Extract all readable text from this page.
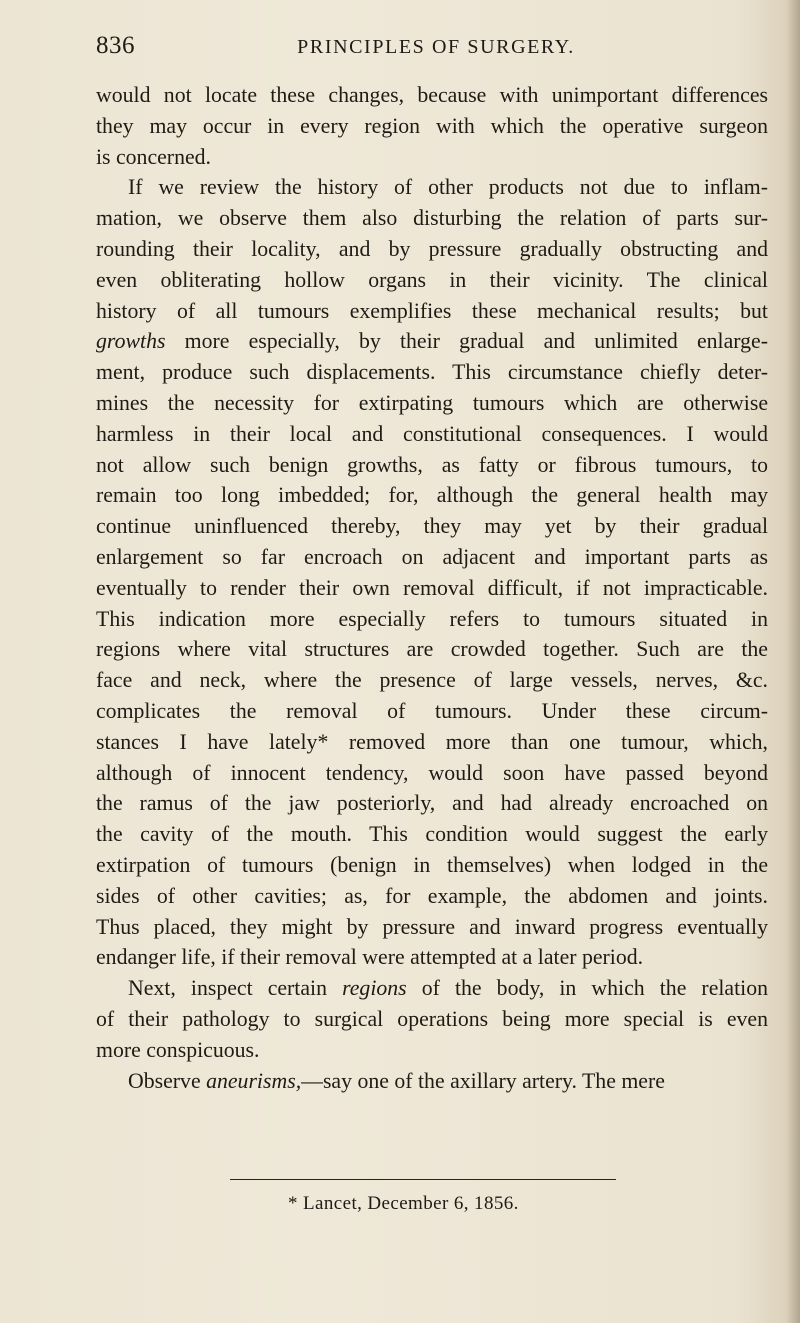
836	PRINCIPLES OF SURGERY.
would not locate these changes, because with unimportant differences
they may occur in every region with which the operative surgeon
is concerned.
If we review the history of other products not due to inflam-
mation, we observe them also disturbing the relation of parts sur-
rounding their locality, and by pressure gradually obstructing and
even obliterating hollow organs in their vicinity. The clinical
history of all tumours exemplifies these mechanical results; but
growths more especially, by their gradual and unlimited enlarge-
ment, produce such displacements. This circumstance chiefly deter-
mines the necessity for extirpating tumours which are otherwise
harmless in their local and constitutional consequences. I would
not allow such benign growths, as fatty or fibrous tumours, to
remain too long imbedded; for, although the general health may
continue uninfluenced thereby, they may yet by their gradual
enlargement so far encroach on adjacent and important parts as
eventually to render their own removal difficult, if not impracticable.
This indication more especially refers to tumours situated in
regions where vital structures are crowded together. Such are the
face and neck, where the presence of large vessels, nerves, &c.
complicates the removal of tumours. Under these circum-
stances I have lately* removed more than one tumour, which,
although of innocent tendency, would soon have passed beyond
the ramus of the jaw posteriorly, and had already encroached on
the cavity of the mouth. This condition would suggest the early
extirpation of tumours (benign in themselves) when lodged in the
sides of other cavities; as, for example, the abdomen and joints.
Thus placed, they might by pressure and inward progress eventually
endanger life, if their removal were attempted at a later period.
Next, inspect certain regions of the body, in which the relation
of their pathology to surgical operations being more special is even
more conspicuous.
Observe aneurisms,—say one of the axillary artery. The mere
* Lancet, December 6, 1856.
